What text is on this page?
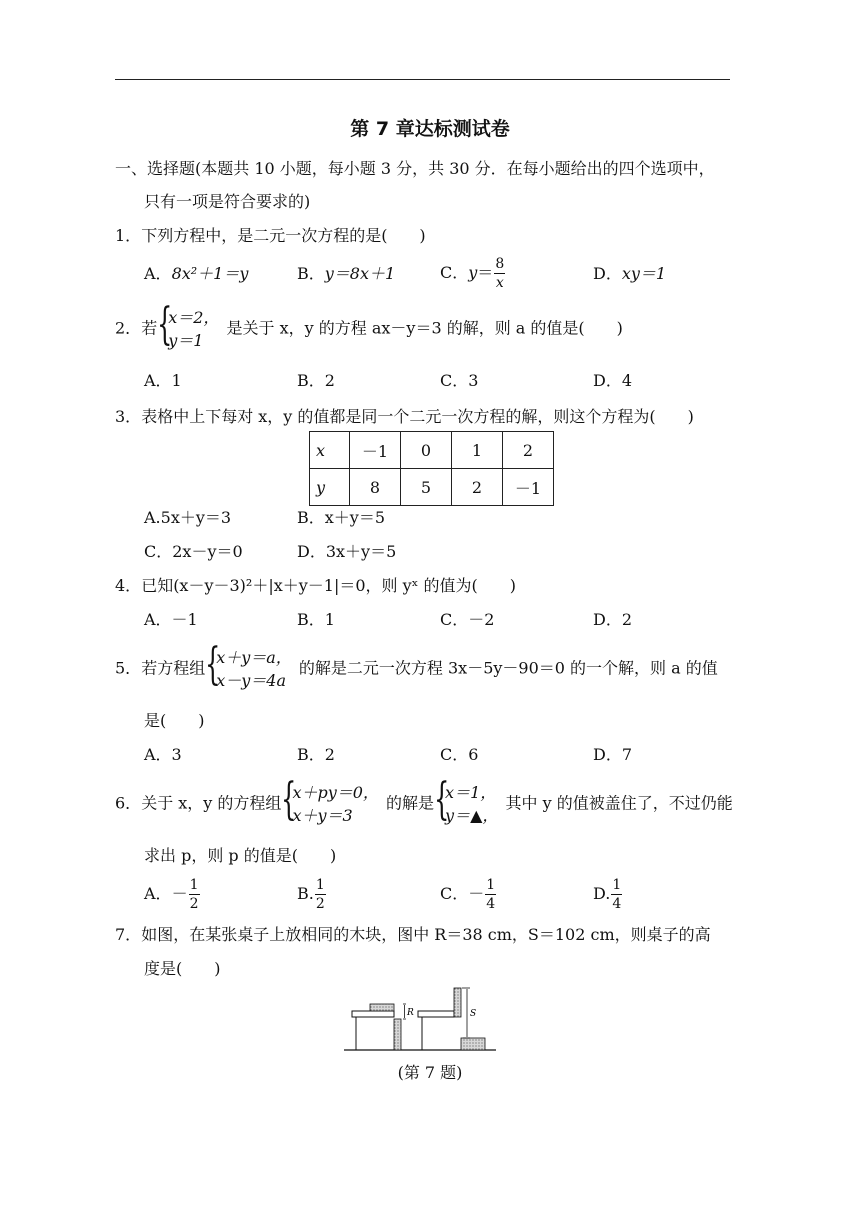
第 7 章达标测试卷
一、选择题(本题共 10 小题，每小题 3 分，共 30 分．在每小题给出的四个选项中，
只有一项是符合要求的)
1．下列方程中，是二元一次方程的是(　　)
A．8x²＋1＝y	B．y＝8x＋1	C．$y= \frac{8}{x}$	D．xy＝1
2．若
{ x＝2，
y＝1
是关于 x，y 的方程 ax－y＝3 的解，则 a 的值是(　　)
A．1	B．2	C．3	D．4
3．表格中上下每对 x，y 的值都是同一个二元一次方程的解，则这个方程为(　　)
x	－1	0	1	2
y	8	5	2	－1
A.5x＋y＝3	B．x＋y＝5
C．2x－y＝0	D．3x＋y＝5
4．已知(x－y－3)²＋|x＋y－1|＝0，则 yˣ 的值为(　　)
A．－1	B．1	C．－2	D．2
5．若方程组
{ x＋y＝a，
x－y＝4a
的解是二元一次方程 3x－5y－90＝0 的一个解，则 a 的值
是(　　)
A．3	B．2	C．6	D．7
6．关于 x，y 的方程组
{ x＋py＝0，
x＋y＝3
的解是
{ x＝1，
y＝▲，
其中 y 的值被盖住了，不过仍能
求出 p，则 p 的值是(　　)
A．－ $\frac{1}{2}$	B. $\frac{1}{2}$	C．－ $\frac{1}{4}$	D. $\frac{1}{4}$
7．如图，在某张桌子上放相同的木块，图中 R＝38 cm，S＝102 cm，则桌子的高
度是(　　)
R	S
(第 7 题)
